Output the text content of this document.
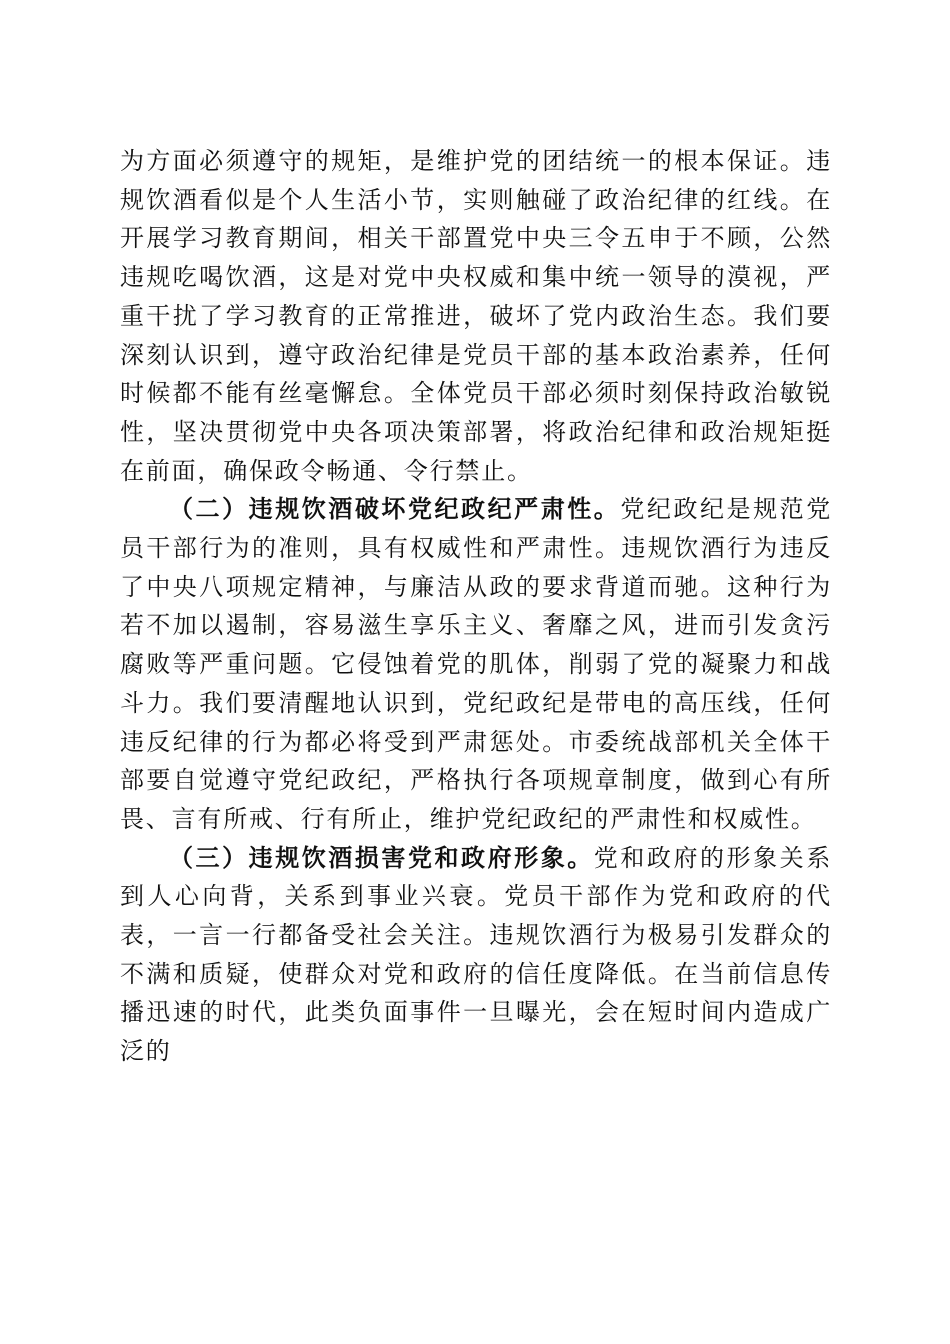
为方面必须遵守的规矩，是维护党的团结统一的根本保证。违规饮酒看似是个人生活小节，实则触碰了政治纪律的红线。在开展学习教育期间，相关干部置党中央三令五申于不顾，公然违规吃喝饮酒，这是对党中央权威和集中统一领导的漠视，严重干扰了学习教育的正常推进，破坏了党内政治生态。我们要深刻认识到，遵守政治纪律是党员干部的基本政治素养，任何时候都不能有丝毫懈怠。全体党员干部必须时刻保持政治敏锐性，坚决贯彻党中央各项决策部署，将政治纪律和政治规矩挺在前面，确保政令畅通、令行禁止。

（二）违规饮酒破坏党纪政纪严肃性。党纪政纪是规范党员干部行为的准则，具有权威性和严肃性。违规饮酒行为违反了中央八项规定精神，与廉洁从政的要求背道而驰。这种行为若不加以遏制，容易滋生享乐主义、奢靡之风，进而引发贪污腐败等严重问题。它侵蚀着党的肌体，削弱了党的凝聚力和战斗力。我们要清醒地认识到，党纪政纪是带电的高压线，任何违反纪律的行为都必将受到严肃惩处。市委统战部机关全体干部要自觉遵守党纪政纪，严格执行各项规章制度，做到心有所畏、言有所戒、行有所止，维护党纪政纪的严肃性和权威性。

（三）违规饮酒损害党和政府形象。党和政府的形象关系到人心向背，关系到事业兴衰。党员干部作为党和政府的代表，一言一行都备受社会关注。违规饮酒行为极易引发群众的不满和质疑，使群众对党和政府的信任度降低。在当前信息传播迅速的时代，此类负面事件一旦曝光，会在短时间内造成广泛的
